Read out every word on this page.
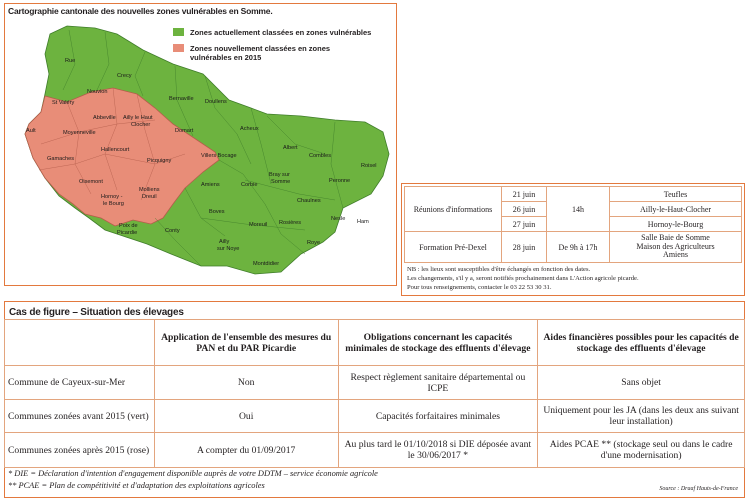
Rue
Crecy
Nouvion
Bernaville Doullens
St Valéry
Abbeville Ailly le Haut
Clocher
Domart
Ault	Moyenneville
Hallencourt
Gamaches	Picquigny
Villers Bocage
Acheux
Albert
Combles
Roisel
Oisemont
Hornoy -
le Bourg
Molliens
Dreuil
Amiens	Corbie
Bray sur
Somme	Peronne
Chaulnes
Nesle Ham
Poix de
Picardie
Boves
Moreuil Rosières
Conty
Ailly
sur Noye
Roye
Montdidier
Cartographie cantonale des nouvelles zones vulnérables en Somme.
Zones actuellement classées en zones vulnérables
Zones nouvellement classées en zones vulnérables en 2015
Réunions d'informations	21 juin	14h	Teufles
	26 juin		Ailly-le-Haut-Clocher
	27 juin		Hornoy-le-Bourg
Formation Pré-Dexel	28 juin	De 9h à 17h	Salle Baie de Somme
Maison des Agriculteurs
Amiens
NB : les lieux sont susceptibles d'être échangés en fonction des dates.
Les changements, s'il y a, seront notifiés prochainement dans L'Action agricole picarde.
Pour tous renseignements, contacter le 03 22 53 30 31.
Cas de figure – Situation des élevages
	Application de l'ensemble des mesures du PAN et du PAR Picardie	Obligations concernant les capacités minimales de stockage des effluents d'élevage	Aides financières possibles pour les capacités de stockage des effluents d'élevage
Commune de Cayeux-sur-Mer	Non	Respect règlement sanitaire départemental ou ICPE	Sans objet
Communes zonées avant 2015 (vert)	Oui	Capacités forfaitaires minimales	Uniquement pour les JA (dans les deux ans suivant leur installation)
Communes zonées après 2015 (rose)	A compter du 01/09/2017	Au plus tard le 01/10/2018 si DIE déposée avant le 30/06/2017 *	Aides PCAE ** (stockage seul ou dans le cadre d'une modernisation)
* DIE = Déclaration d'intention d'engagement disponible auprès de votre DDTM – service économie agricole
** PCAE = Plan de compétitivité et d'adaptation des exploitations agricoles	Source : Draaf Hauts-de-France
